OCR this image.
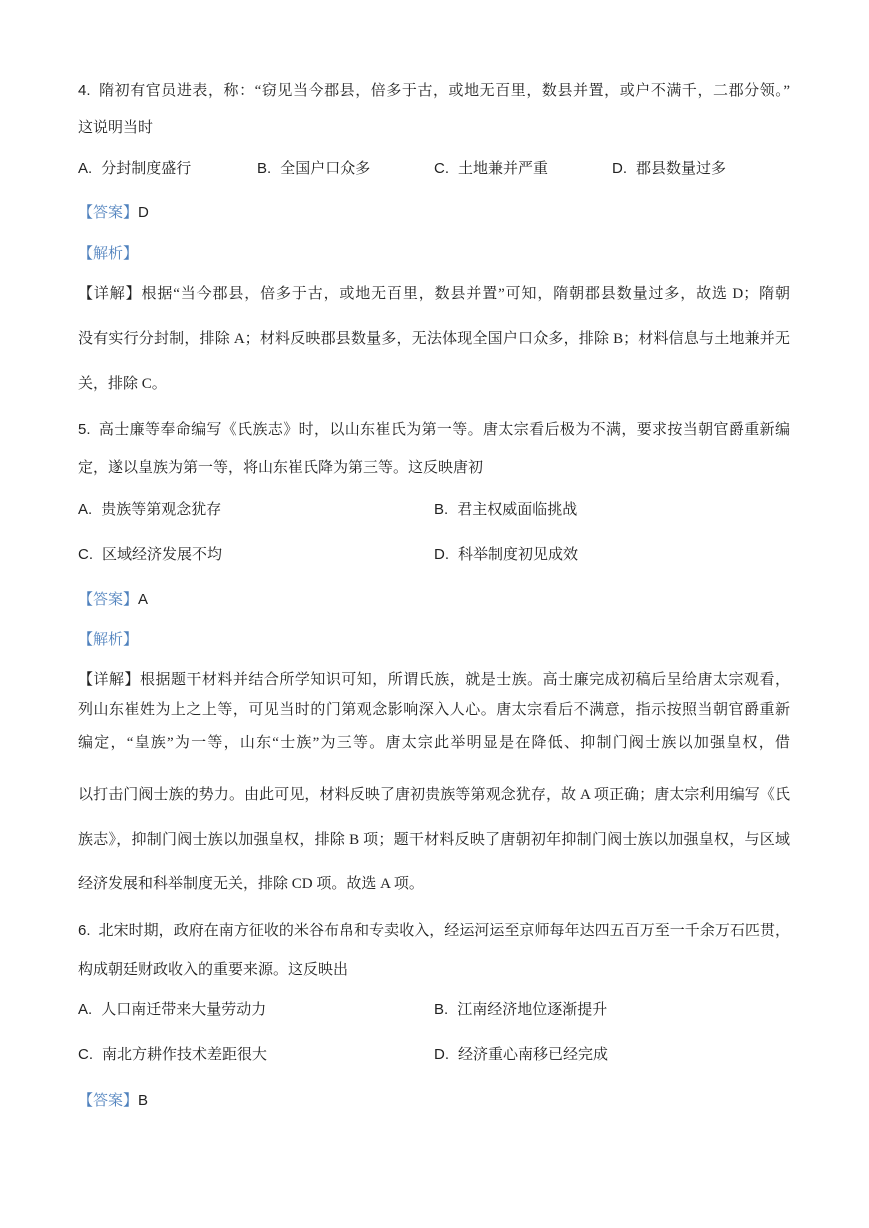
4. 隋初有官员进表，称：“窃见当今郡县，倍多于古，或地无百里，数县并置，或户不满千，二郡分领。”
这说明当时
A. 分封制度盛行	B. 全国户口众多	C. 土地兼并严重	D. 郡县数量过多
【答案】D
【解析】
【详解】根据“当今郡县，倍多于古，或地无百里，数县并置”可知，隋朝郡县数量过多，故选 D；隋朝
没有实行分封制，排除 A；材料反映郡县数量多，无法体现全国户口众多，排除 B；材料信息与土地兼并无
关，排除 C。
5. 高士廉等奉命编写《氏族志》时，以山东崔氏为第一等。唐太宗看后极为不满，要求按当朝官爵重新编
定，遂以皇族为第一等，将山东崔氏降为第三等。这反映唐初
A. 贵族等第观念犹存	B. 君主权威面临挑战
C. 区域经济发展不均	D. 科举制度初见成效
【答案】A
【解析】
【详解】根据题干材料并结合所学知识可知，所谓氏族，就是士族。高士廉完成初稿后呈给唐太宗观看，
列山东崔姓为上之上等，可见当时的门第观念影响深入人心。唐太宗看后不满意，指示按照当朝官爵重新
编定，“皇族”为一等，山东“士族”为三等。唐太宗此举明显是在降低、抑制门阀士族以加强皇权，借
以打击门阀士族的势力。由此可见，材料反映了唐初贵族等第观念犹存，故 A 项正确；唐太宗利用编写《氏
族志》，抑制门阀士族以加强皇权，排除 B 项；题干材料反映了唐朝初年抑制门阀士族以加强皇权，与区域
经济发展和科举制度无关，排除 CD 项。故选 A 项。
6. 北宋时期，政府在南方征收的米谷布帛和专卖收入，经运河运至京师每年达四五百万至一千余万石匹贯，
构成朝廷财政收入的重要来源。这反映出
A. 人口南迁带来大量劳动力	B. 江南经济地位逐渐提升
C. 南北方耕作技术差距很大	D. 经济重心南移已经完成
【答案】B
